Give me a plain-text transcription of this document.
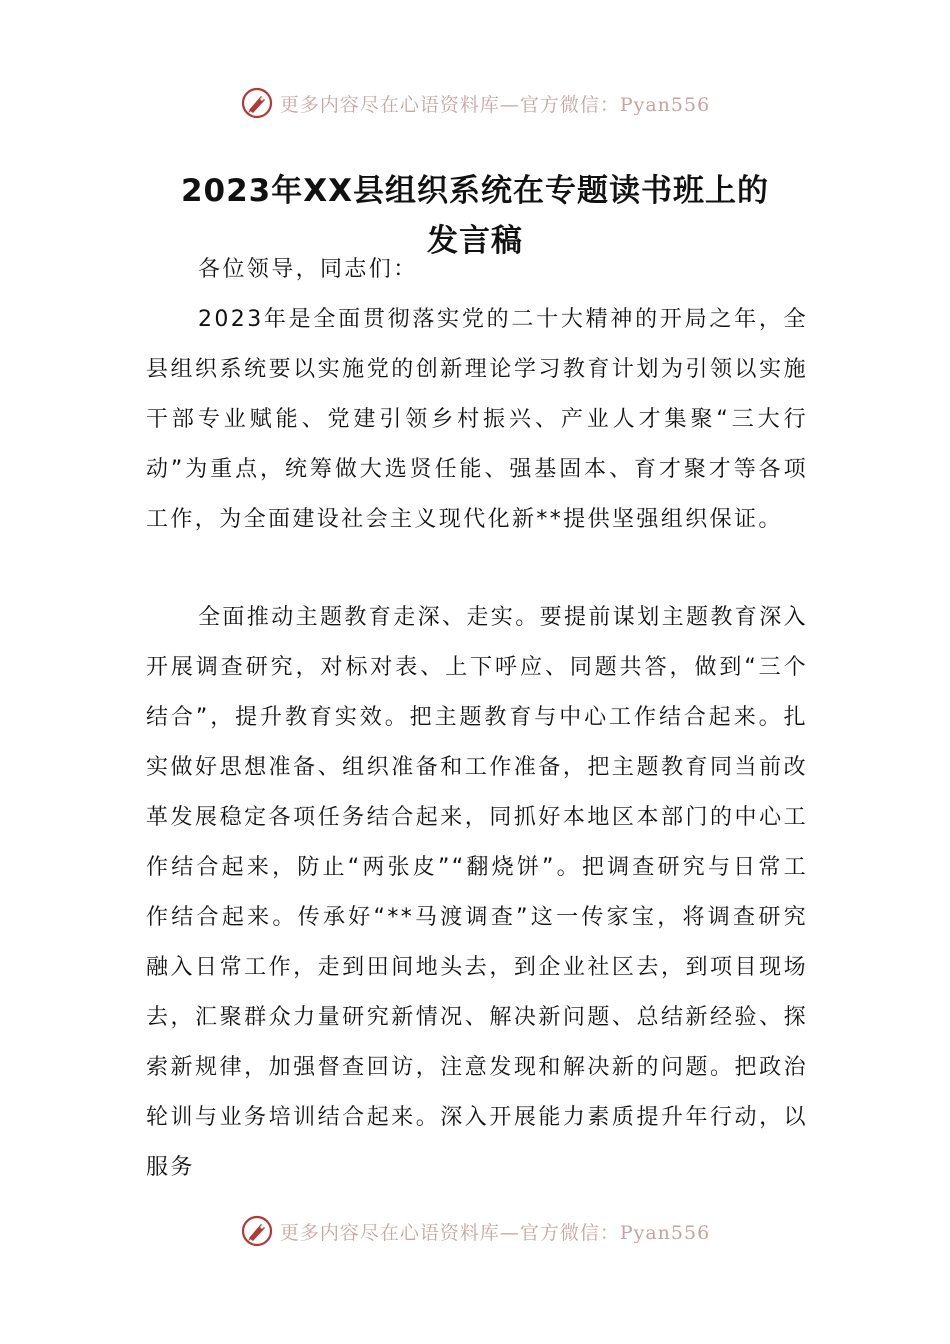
更多内容尽在心语资料库—官方微信：Pyan556
2023年XX县组织系统在专题读书班上的
发言稿

各位领导，同志们：

2023年是全面贯彻落实党的二十大精神的开局之年，全县组织系统要以实施党的创新理论学习教育计划为引领以实施干部专业赋能、党建引领乡村振兴、产业人才集聚“三大行动”为重点，统筹做大选贤任能、强基固本、育才聚才等各项工作，为全面建设社会主义现代化新**提供坚强组织保证。

全面推动主题教育走深、走实。要提前谋划主题教育深入开展调查研究，对标对表、上下呼应、同题共答，做到“三个结合”，提升教育实效。把主题教育与中心工作结合起来。扎实做好思想准备、组织准备和工作准备，把主题教育同当前改革发展稳定各项任务结合起来，同抓好本地区本部门的中心工作结合起来，防止“两张皮”“翻烧饼”。把调查研究与日常工作结合起来。传承好“**马渡调查”这一传家宝，将调查研究融入日常工作，走到田间地头去，到企业社区去，到项目现场去，汇聚群众力量研究新情况、解决新问题、总结新经验、探索新规律，加强督查回访，注意发现和解决新的问题。把政治轮训与业务培训结合起来。深入开展能力素质提升年行动，以服务

更多内容尽在心语资料库—官方微信：Pyan556
